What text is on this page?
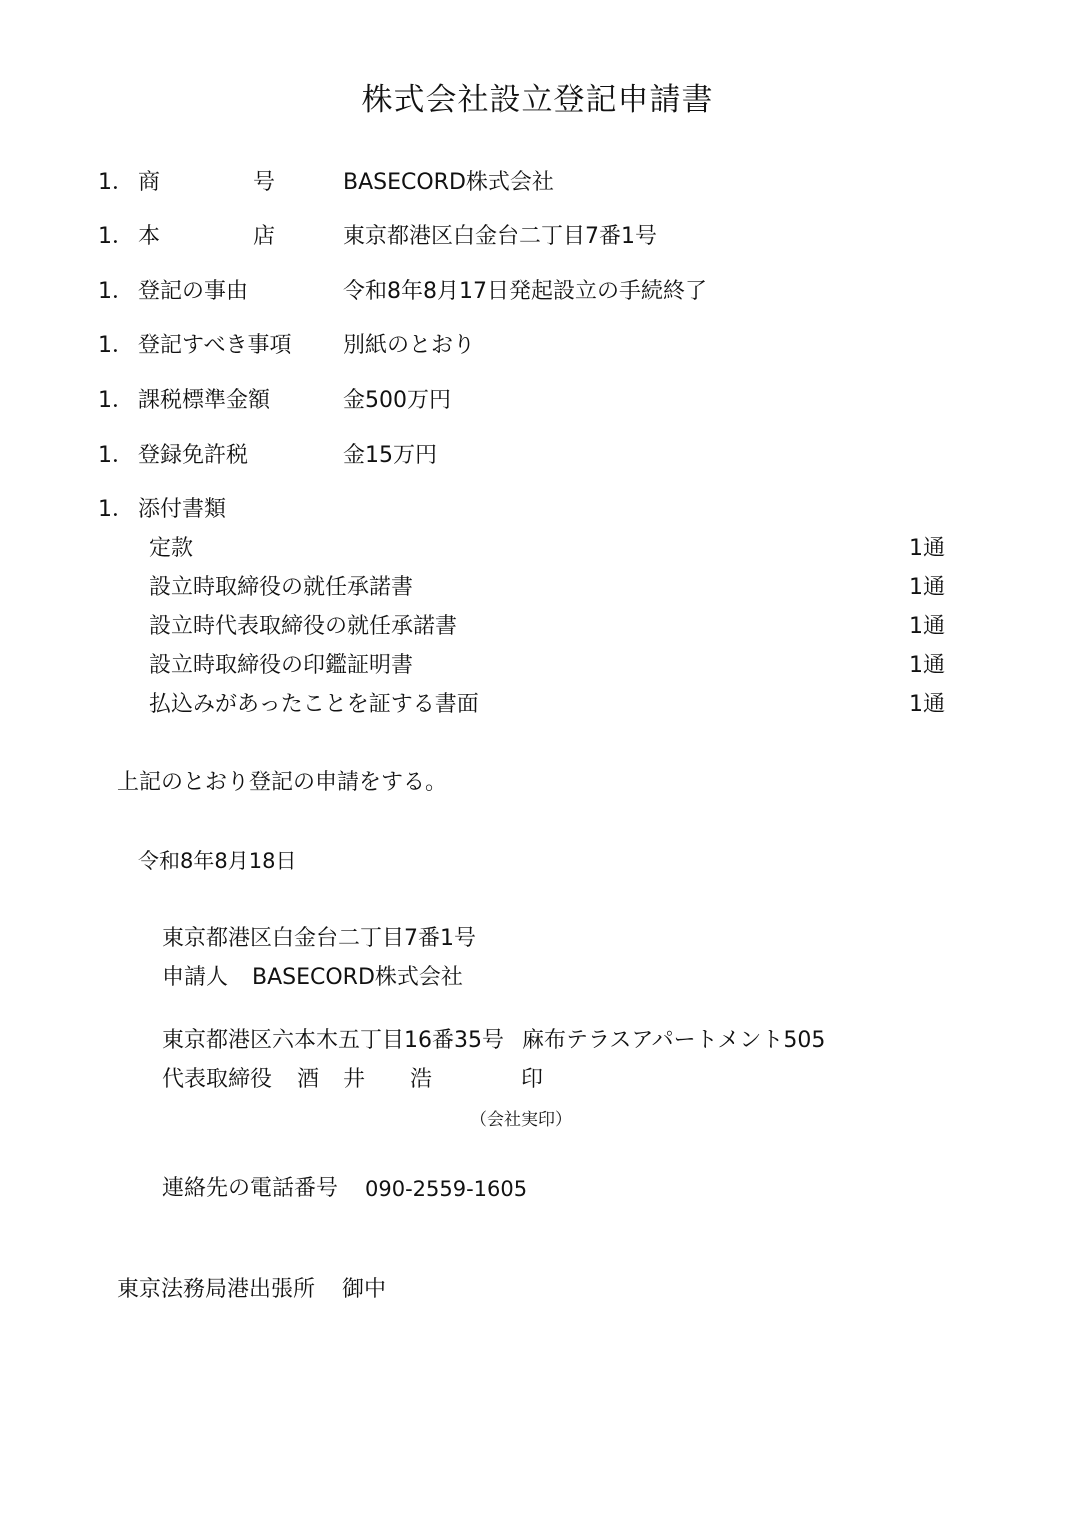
株式会社設立登記申請書
1． 商	号	BASECORD株式会社
1． 本	店	東京都港区白金台二丁目7番1号
1． 登記の事由	令和8年8月17日発起設立の手続終了
1． 登記すべき事項 別紙のとおり
1． 課税標準金額	金500万円
1． 登録免許税	金15万円
1． 添付書類
定款	1通
設立時取締役の就任承諾書	1通
設立時代表取締役の就任承諾書	1通
設立時取締役の印鑑証明書	1通
払込みがあったことを証する書面	1通
上記のとおり登記の申請をする。
令和8年8月18日
東京都港区白金台二丁目7番1号
申請人 BASECORD株式会社
東京都港区六本木五丁目16番35号 麻布テラスアパートメント505
代表取締役 酒 井 浩	印
（会社実印）
連絡先の電話番号 090-2559-1605
東京法務局港出張所 御中
